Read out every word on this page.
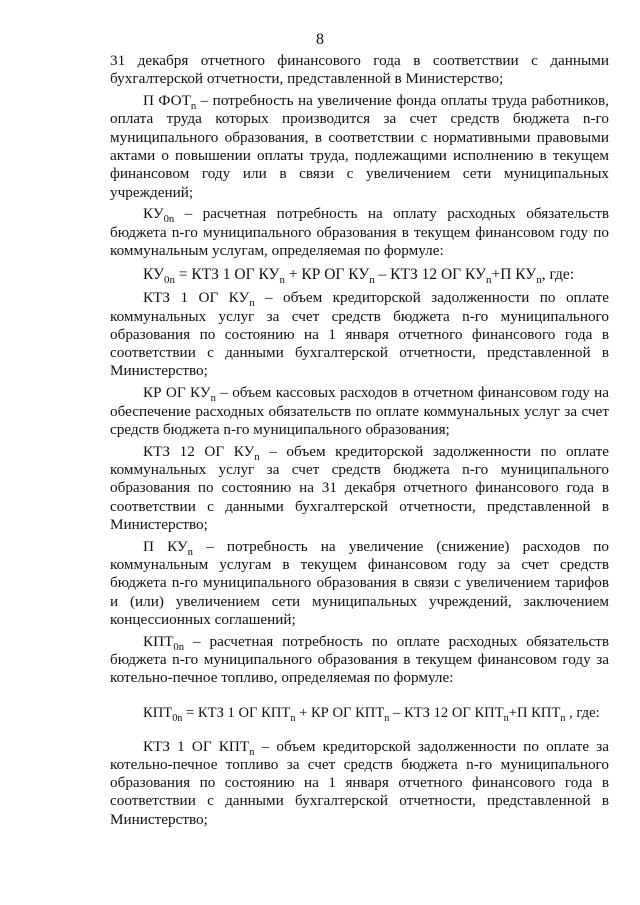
8

31 декабря отчетного финансового года в соответствии с данными бухгалтерской отчетности, представленной в Министерство;

П $ФОТ_n$ – потребность на увеличение фонда оплаты труда работников, оплата труда которых производится за счет средств бюджета n-го муниципального образования, в соответствии с нормативными правовыми актами о повышении оплаты труда, подлежащими исполнению в текущем финансовом году или в связи с увеличением сети муниципальных учреждений;

$КУ_{0n}$ – расчетная потребность на оплату расходных обязательств бюджета n-го муниципального образования в текущем финансовом году по коммунальным услугам, определяемая по формуле:

$КУ_{0n}$ = КТЗ 1 ОГ $КУ_n$ + КР ОГ $КУ_n$ – КТЗ 12 ОГ $КУ_n+П$ $КУ_n$, где:

КТЗ 1 ОГ $КУ_n$ – объем кредиторской задолженности по оплате коммунальных услуг за счет средств бюджета n-го муниципального образования по состоянию на 1 января отчетного финансового года в соответствии с данными бухгалтерской отчетности, представленной в Министерство;

КР ОГ $КУ_n$ – объем кассовых расходов в отчетном финансовом году на обеспечение расходных обязательств по оплате коммунальных услуг за счет средств бюджета n-го муниципального образования;

КТЗ 12 ОГ $КУ_n$ – объем кредиторской задолженности по оплате коммунальных услуг за счет средств бюджета n-го муниципального образования по состоянию на 31 декабря отчетного финансового года в соответствии с данными бухгалтерской отчетности, представленной в Министерство;

П $КУ_n$ – потребность на увеличение (снижение) расходов по коммунальным услугам в текущем финансовом году за счет средств бюджета n-го муниципального образования в связи с увеличением тарифов и (или) увеличением сети муниципальных учреждений, заключением концессионных соглашений;

$КПТ_{0n}$ – расчетная потребность по оплате расходных обязательств бюджета n-го муниципального образования в текущем финансовом году за котельно-печное топливо, определяемая по формуле:

$КПТ_{0n}$ = КТЗ 1 ОГ $КПТ_n$ + КР ОГ $КПТ_n$ – КТЗ 12 ОГ $КПТ_n+П$ $КПТ_n$ , где:

КТЗ 1 ОГ $КПТ_n$ – объем кредиторской задолженности по оплате за котельно-печное топливо за счет средств бюджета n-го муниципального образования по состоянию на 1 января отчетного финансового года в соответствии с данными бухгалтерской отчетности, представленной в Министерство;
